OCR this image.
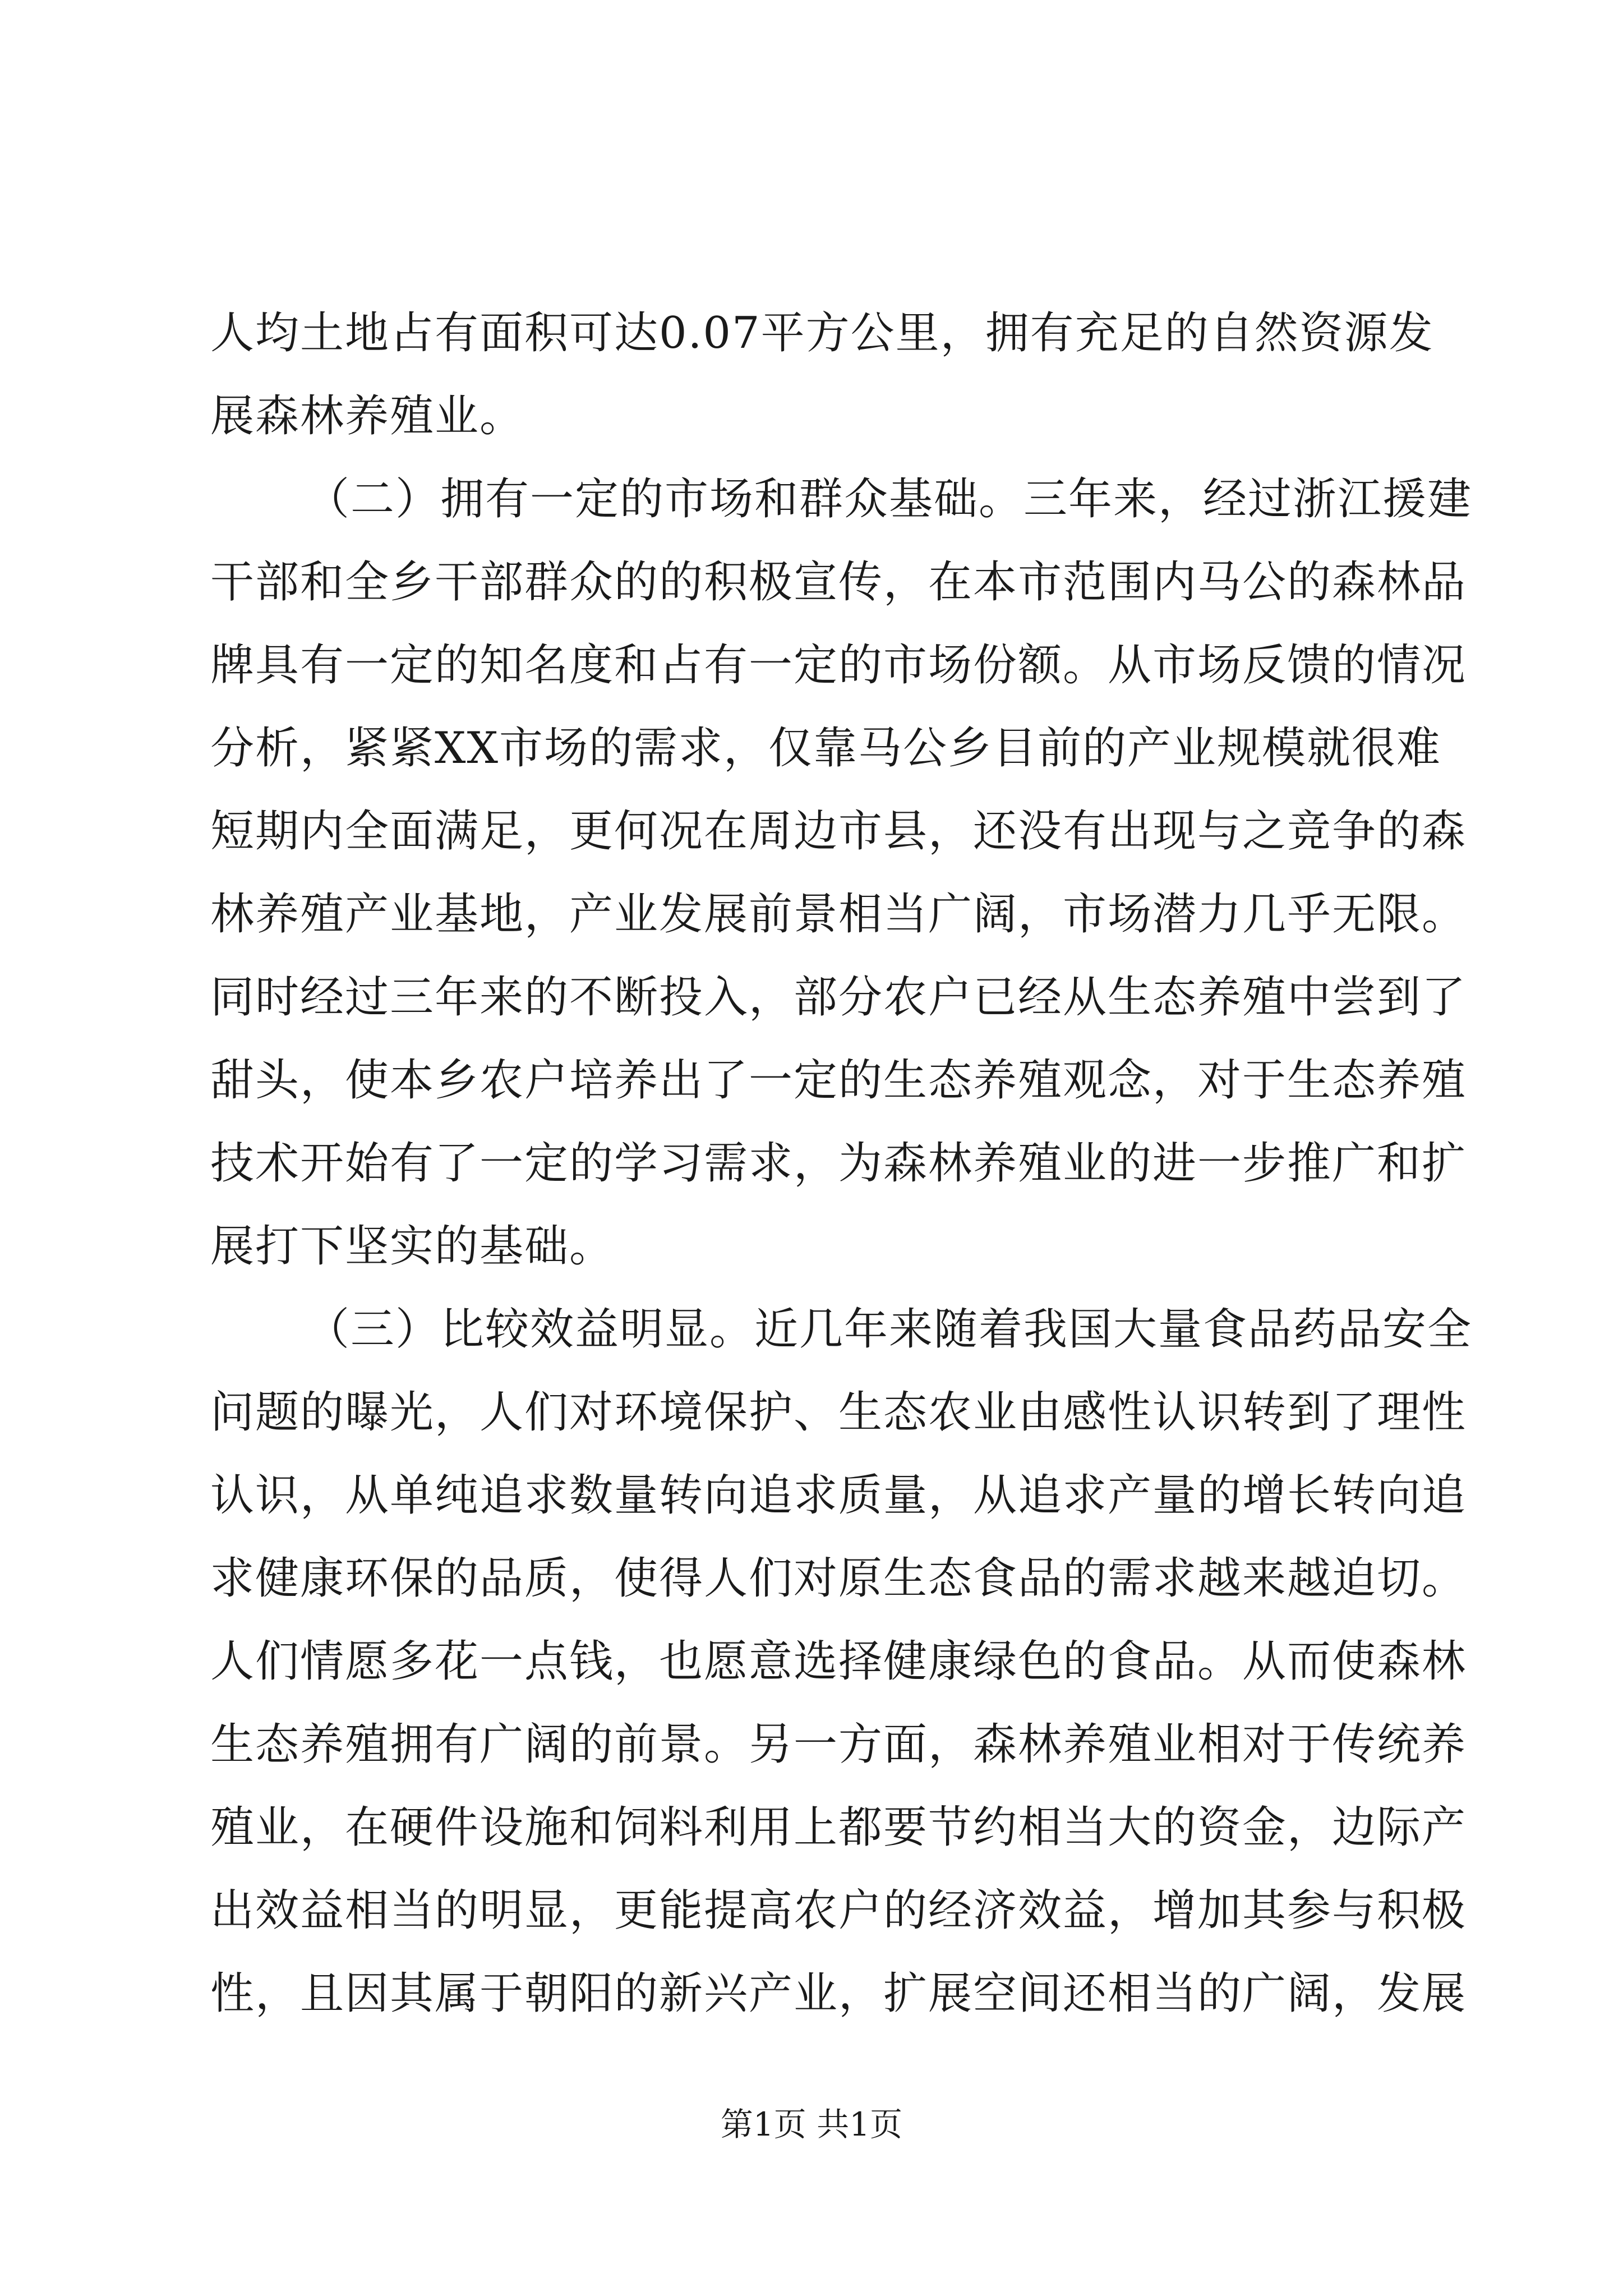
人均土地占有面积可达0.07平方公里，拥有充足的自然资源发
展森林养殖业。
（二）拥有一定的市场和群众基础。三年来，经过浙江援建
干部和全乡干部群众的的积极宣传，在本市范围内马公的森林品
牌具有一定的知名度和占有一定的市场份额。从市场反馈的情况
分析，紧紧XX市场的需求，仅靠马公乡目前的产业规模就很难
短期内全面满足，更何况在周边市县，还没有出现与之竞争的森
林养殖产业基地，产业发展前景相当广阔，市场潜力几乎无限。
同时经过三年来的不断投入，部分农户已经从生态养殖中尝到了
甜头，使本乡农户培养出了一定的生态养殖观念，对于生态养殖
技术开始有了一定的学习需求，为森林养殖业的进一步推广和扩
展打下坚实的基础。
（三）比较效益明显。近几年来随着我国大量食品药品安全
问题的曝光，人们对环境保护、生态农业由感性认识转到了理性
认识，从单纯追求数量转向追求质量，从追求产量的增长转向追
求健康环保的品质，使得人们对原生态食品的需求越来越迫切。
人们情愿多花一点钱，也愿意选择健康绿色的食品。从而使森林
生态养殖拥有广阔的前景。另一方面，森林养殖业相对于传统养
殖业，在硬件设施和饲料利用上都要节约相当大的资金，边际产
出效益相当的明显，更能提高农户的经济效益，增加其参与积极
性，且因其属于朝阳的新兴产业，扩展空间还相当的广阔，发展
第1页 共1页
